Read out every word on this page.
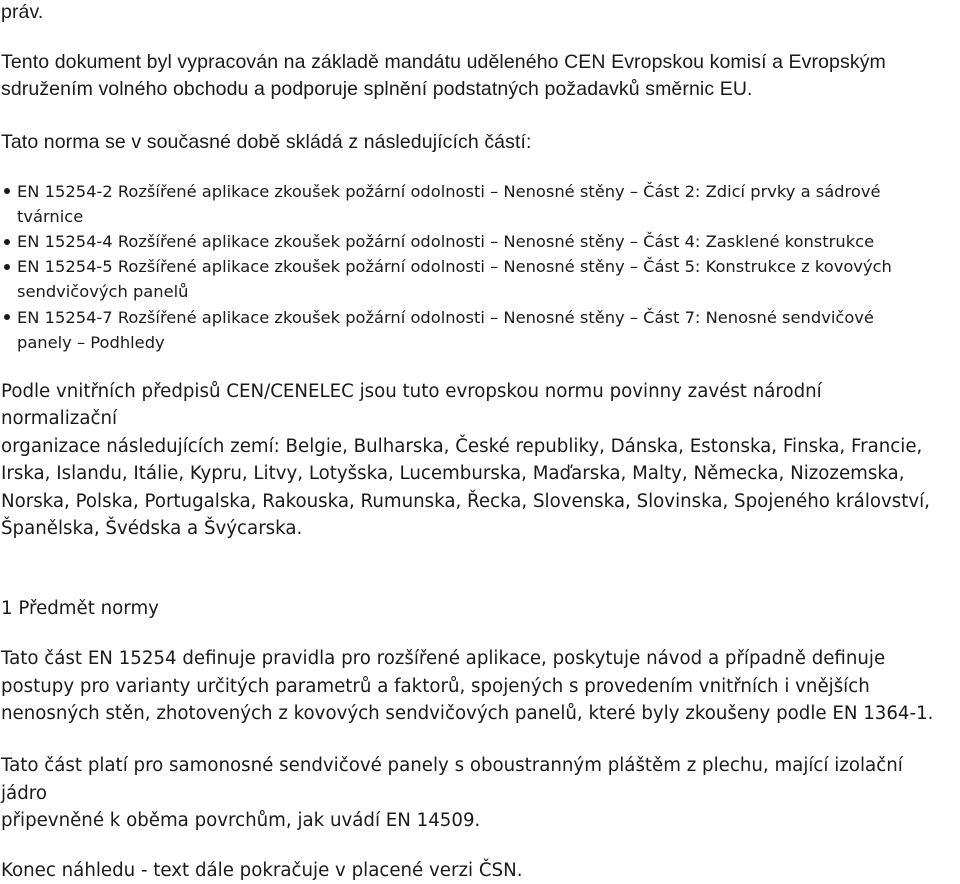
práv.

Tento dokument byl vypracován na základě mandátu uděleného CEN Evropskou komisí a Evropským

sdružením volného obchodu a podporuje splnění podstatných požadavků směrnic EU.

Tato norma se v současné době skládá z následujících částí:

EN 15254-2 Rozšířené aplikace zkoušek požární odolnosti – Nenosné stěny – Část 2: Zdicí prvky a sádrové

tvárnice

EN 15254-4 Rozšířené aplikace zkoušek požární odolnosti – Nenosné stěny – Část 4: Zasklené konstrukce

EN 15254-5 Rozšířené aplikace zkoušek požární odolnosti – Nenosné stěny – Část 5: Konstrukce z kovových

sendvičových panelů

EN 15254-7 Rozšířené aplikace zkoušek požární odolnosti – Nenosné stěny – Část 7: Nenosné sendvičové

panely – Podhledy

Podle vnitřních předpisů CEN/CENELEC jsou tuto evropskou normu povinny zavést národní

normalizační

organizace následujících zemí: Belgie, Bulharska, České republiky, Dánska, Estonska, Finska, Francie,

Irska, Islandu, Itálie, Kypru, Litvy, Lotyšska, Lucemburska, Maďarska, Malty, Německa, Nizozemska,

Norska, Polska, Portugalska, Rakouska, Rumunska, Řecka, Slovenska, Slovinska, Spojeného království,

Španělska, Švédska a Švýcarska.

1 Předmět normy

Tato část EN 15254 definuje pravidla pro rozšířené aplikace, poskytuje návod a případně definuje

postupy pro varianty určitých parametrů a faktorů, spojených s provedením vnitřních i vnějších

nenosných stěn, zhotovených z kovových sendvičových panelů, které byly zkoušeny podle EN 1364-1.

Tato část platí pro samonosné sendvičové panely s oboustranným pláštěm z plechu, mající izolační

jádro

připevněné k oběma povrchům, jak uvádí EN 14509.

Konec náhledu - text dále pokračuje v placené verzi ČSN.
